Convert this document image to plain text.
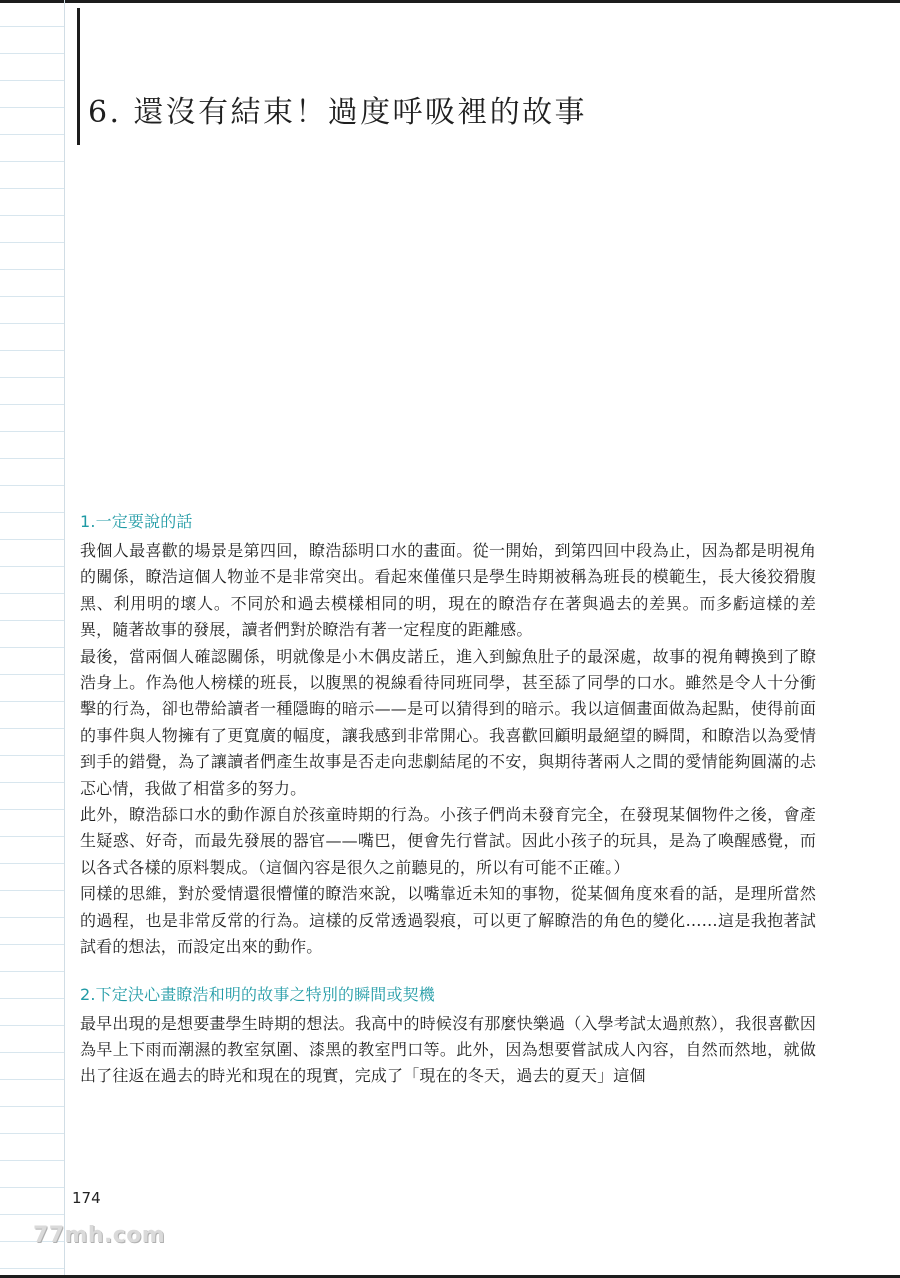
6. 還沒有結束！過度呼吸裡的故事
1.一定要說的話

我個人最喜歡的場景是第四回，瞭浩舔明口水的畫面。從一開始，到第四回中段為止，因為都是明視角的關係，瞭浩這個人物並不是非常突出。看起來僅僅只是學生時期被稱為班長的模範生，長大後狡猾腹黑、利用明的壞人。不同於和過去模樣相同的明，現在的瞭浩存在著與過去的差異。而多虧這樣的差異，隨著故事的發展，讀者們對於瞭浩有著一定程度的距離感。

最後，當兩個人確認關係，明就像是小木偶皮諾丘，進入到鯨魚肚子的最深處，故事的視角轉換到了瞭浩身上。作為他人榜樣的班長，以腹黑的視線看待同班同學，甚至舔了同學的口水。雖然是令人十分衝擊的行為，卻也帶給讀者一種隱晦的暗示——是可以猜得到的暗示。我以這個畫面做為起點，使得前面的事件與人物擁有了更寬廣的幅度，讓我感到非常開心。我喜歡回顧明最絕望的瞬間，和瞭浩以為愛情到手的錯覺，為了讓讀者們產生故事是否走向悲劇結尾的不安，與期待著兩人之間的愛情能夠圓滿的忐忑心情，我做了相當多的努力。

此外，瞭浩舔口水的動作源自於孩童時期的行為。小孩子們尚未發育完全，在發現某個物件之後，會產生疑惑、好奇，而最先發展的器官——嘴巴，便會先行嘗試。因此小孩子的玩具，是為了喚醒感覺，而以各式各樣的原料製成。（這個內容是很久之前聽見的，所以有可能不正確。）

同樣的思維，對於愛情還很懵懂的瞭浩來說，以嘴靠近未知的事物，從某個角度來看的話，是理所當然的過程，也是非常反常的行為。這樣的反常透過裂痕，可以更了解瞭浩的角色的變化……這是我抱著試試看的想法，而設定出來的動作。

2.下定決心畫瞭浩和明的故事之特別的瞬間或契機

最早出現的是想要畫學生時期的想法。我高中的時候沒有那麼快樂過（入學考試太過煎熬），我很喜歡因為早上下雨而潮濕的教室氛圍、漆黑的教室門口等。此外，因為想要嘗試成人內容，自然而然地，就做出了往返在過去的時光和現在的現實，完成了「現在的冬天，過去的夏天」這個

174

77mh.com
